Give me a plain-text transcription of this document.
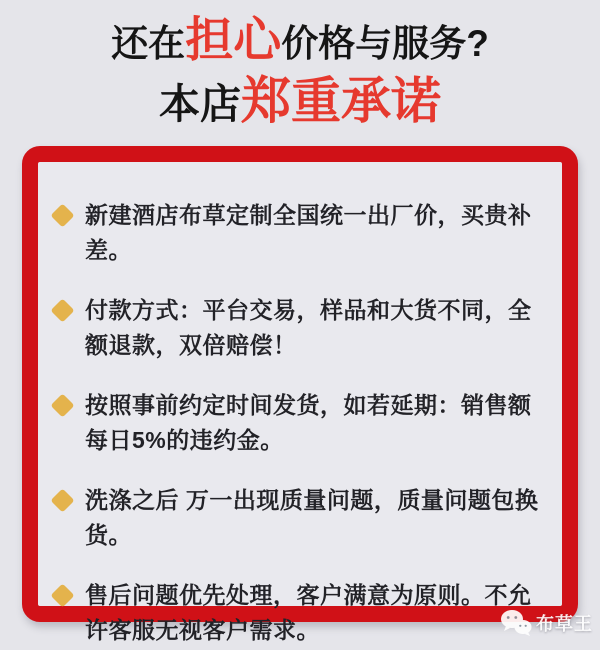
还在担心价格与服务?
本店郑重承诺
新建酒店布草定制全国统一出厂价，买贵补差。
付款方式：平台交易，样品和大货不同，全额退款，双倍赔偿！
按照事前约定时间发货，如若延期：销售额每日5%的违约金。
洗涤之后 万一出现质量问题，质量问题包换货。
售后问题优先处理，客户满意为原则。不允许客服无视客户需求。	布草王
